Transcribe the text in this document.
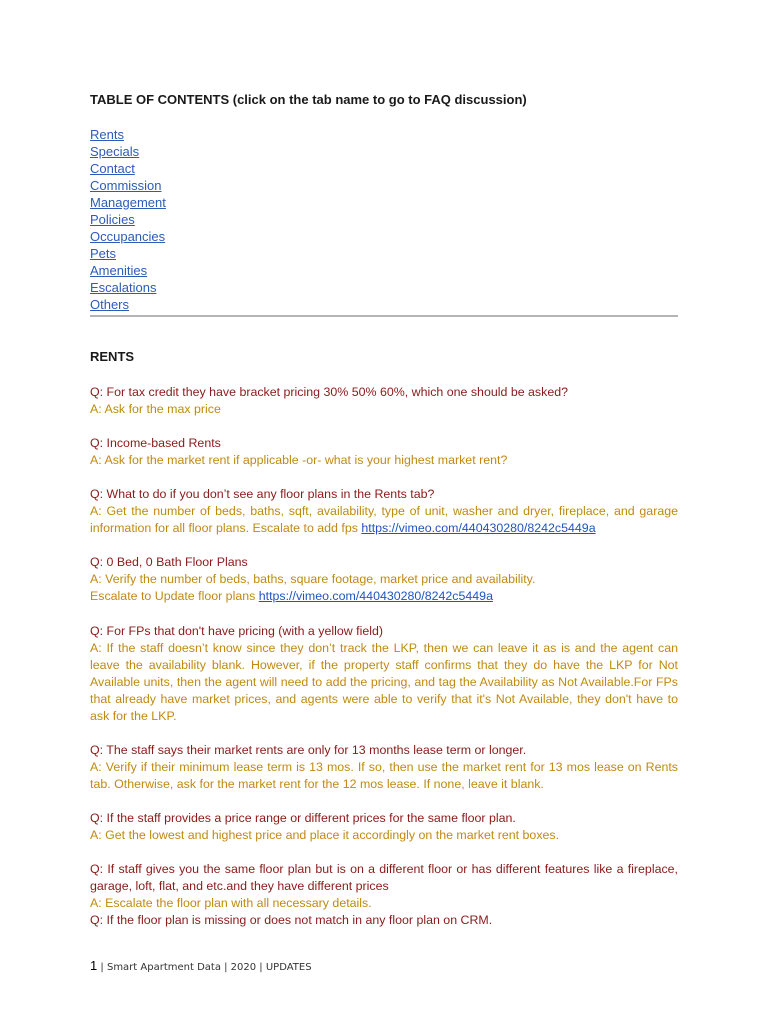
TABLE OF CONTENTS (click on the tab name to go to FAQ discussion)
Rents
Specials
Contact
Commission
Management
Policies
Occupancies
Pets
Amenities
Escalations
Others
RENTS
Q: For tax credit they have bracket pricing 30% 50% 60%, which one should be asked?
A: Ask for the max price
Q: Income-based Rents
A: Ask for the market rent if applicable -or- what is your highest market rent?
Q: What to do if you don’t see any floor plans in the Rents tab?
A: Get the number of beds, baths, sqft, availability, type of unit, washer and dryer, fireplace, and garage information for all floor plans. Escalate to add fps https://vimeo.com/440430280/8242c5449a
Q: 0 Bed, 0 Bath Floor Plans
A: Verify the number of beds, baths, square footage, market price and availability.
Escalate to Update floor plans https://vimeo.com/440430280/8242c5449a
Q: For FPs that don't have pricing (with a yellow field)
A: If the staff doesn’t know since they don’t track the LKP, then we can leave it as is and the agent can leave the availability blank. However, if the property staff confirms that they do have the LKP for Not Available units, then the agent will need to add the pricing, and tag the Availability as Not Available.For FPs that already have market prices, and agents were able to verify that it's Not Available, they don't have to ask for the LKP.
Q: The staff says their market rents are only for 13 months lease term or longer.
A: Verify if their minimum lease term is 13 mos. If so, then use the market rent for 13 mos lease on Rents tab. Otherwise, ask for the market rent for the 12 mos lease. If none, leave it blank.
Q: If the staff provides a price range or different prices for the same floor plan.
A: Get the lowest and highest price and place it accordingly on the market rent boxes.
Q: If staff gives you the same floor plan but is on a different floor or has different features like a fireplace, garage, loft, flat, and etc.and they have different prices
A: Escalate the floor plan with all necessary details.
Q: If the floor plan is missing or does not match in any floor plan on CRM.
1 | Smart Apartment Data | 2020 | UPDATES
